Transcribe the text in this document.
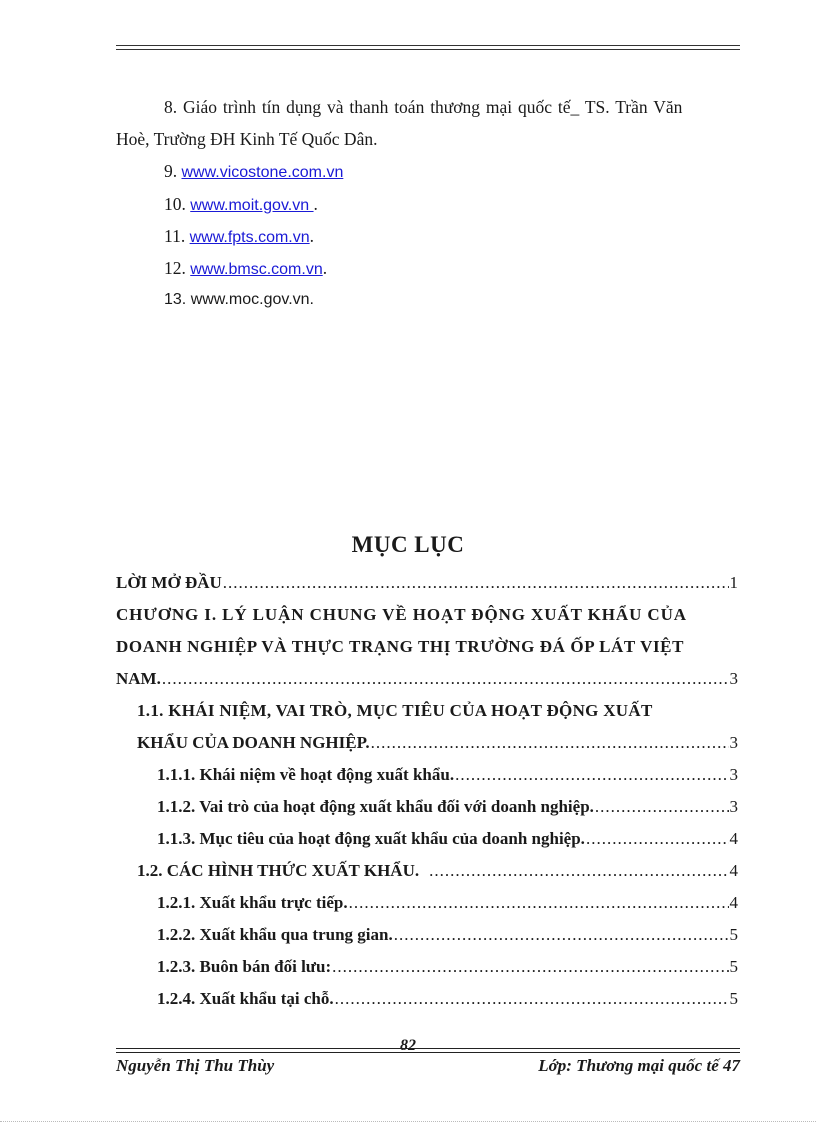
8. Giáo trình tín dụng và thanh toán thương mại quốc tế_ TS. Trần Văn
Hoè, Trường ĐH Kinh Tế Quốc Dân.
9. www.vicostone.com.vn
10. www.moit.gov.vn .
11. www.fpts.com.vn.
12. www.bmsc.com.vn.
13. www.moc.gov.vn.
MỤC LỤC
LỜI MỞ ĐẦU .....	1
CHƯƠNG I. LÝ LUẬN CHUNG VỀ HOẠT ĐỘNG XUẤT KHẨU CỦA
DOANH NGHIỆP VÀ THỰC TRẠNG THỊ TRƯỜNG ĐÁ ỐP LÁT VIỆT
NAM. .....	3
1.1. KHÁI NIỆM, VAI TRÒ, MỤC TIÊU CỦA HOẠT ĐỘNG XUẤT
KHẨU CỦA DOANH NGHIỆP. .....	3
1.1.1. Khái niệm về hoạt động xuất khẩu. .....	3
1.1.2. Vai trò của hoạt động xuất khẩu đối với doanh nghiệp. .....	3
1.1.3. Mục tiêu của hoạt động xuất khẩu của doanh nghiệp. .....	4
1.2. CÁC HÌNH THỨC XUẤT KHẨU. .....	4
1.2.1. Xuất khẩu trực tiếp. .....	4
1.2.2. Xuất khẩu qua trung gian. .....	5
1.2.3. Buôn bán đối lưu: .....	5
1.2.4. Xuất khẩu tại chỗ. .....	5
82
Nguyễn Thị Thu Thùy	Lớp: Thương mại quốc tế 47
